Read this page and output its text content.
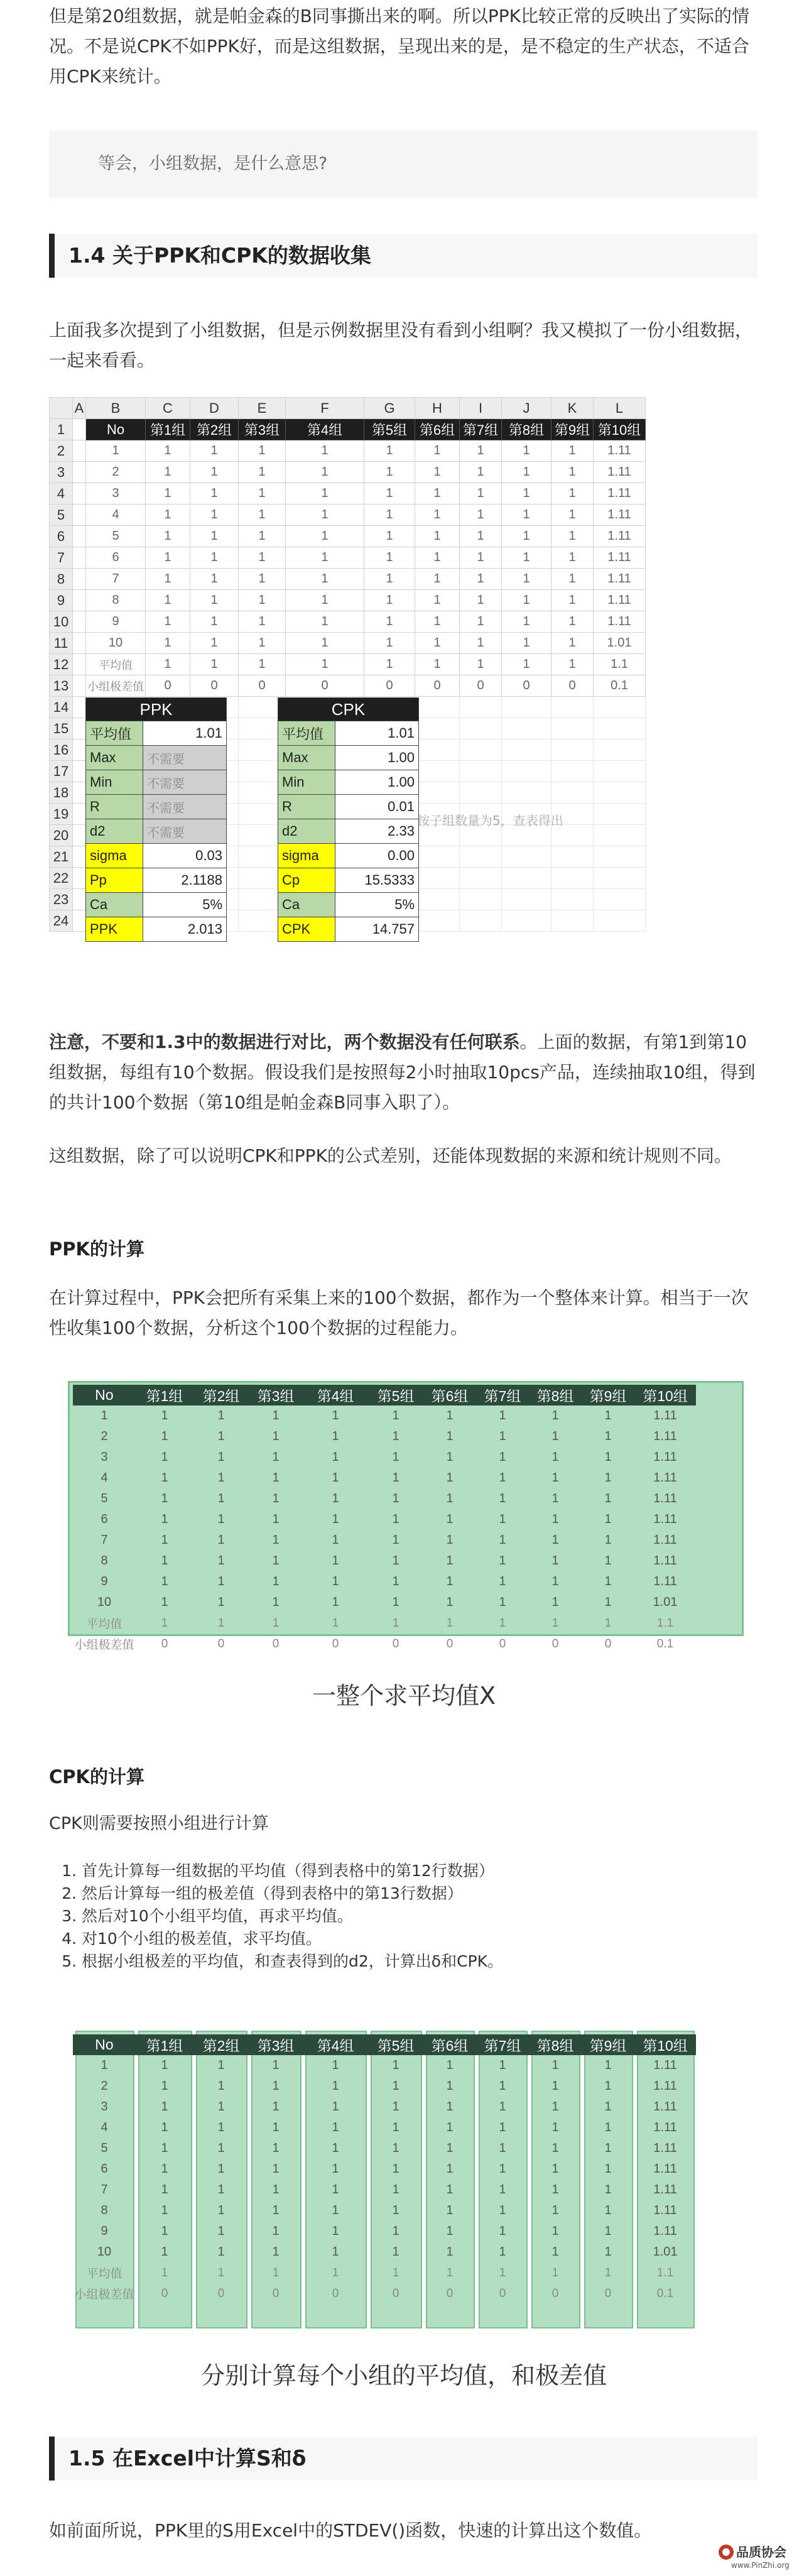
但是第20组数据，就是帕金森的B同事撕出来的啊。所以PPK比较正常的反映出了实际的情况。不是说CPK不如PPK好，而是这组数据，呈现出来的是，是不稳定的生产状态，不适合用CPK来统计。

等会，小组数据，是什么意思?
1.4 关于PPK和CPK的数据收集

上面我多次提到了小组数据，但是示例数据里没有看到小组啊？我又模拟了一份小组数据，一起来看看。

	A	B	C	D	E	F	G	H	I	J	K	L
1		No	第1组	第2组	第3组	第4组	第5组	第6组	第7组	第8组	第9组	第10组
2		1	1	1	1	1	1	1	1	1	1	1.11
3		2	1	1	1	1	1	1	1	1	1	1.11
4		3	1	1	1	1	1	1	1	1	1	1.11
5		4	1	1	1	1	1	1	1	1	1	1.11
6		5	1	1	1	1	1	1	1	1	1	1.11
7		6	1	1	1	1	1	1	1	1	1	1.11
8		7	1	1	1	1	1	1	1	1	1	1.11
9		8	1	1	1	1	1	1	1	1	1	1.11
10		9	1	1	1	1	1	1	1	1	1	1.11
11		10	1	1	1	1	1	1	1	1	1	1.01
12		平均值	1	1	1	1	1	1	1	1	1	1.1
13		小组极差值	0	0	0	0	0	0	0	0	0	0.1
14												
15												
16												
17												
18												
19												
20												
21												
22												
23												
24												
PPK	
平均值	1.01
Max	不需要
Min	不需要
R	不需要
d2	不需要
sigma	0.03
Pp	2.1188
Ca	5%
PPK	2.013
CPK	
平均值	1.01
Max	1.00
Min	1.00
R	0.01
d2	2.33
sigma	0.00
Cp	15.5333
Ca	5%
CPK	14.757
按子组数量为5，查表得出

注意，不要和1.3中的数据进行对比，两个数据没有任何联系。上面的数据，有第1到第10组数据，每组有10个数据。假设我们是按照每2小时抽取10pcs产品，连续抽取10组，得到的共计100个数据（第10组是帕金森B同事入职了）。

这组数据，除了可以说明CPK和PPK的公式差别，还能体现数据的来源和统计规则不同。

PPK的计算

在计算过程中，PPK会把所有采集上来的100个数据，都作为一个整体来计算。相当于一次性收集100个数据，分析这个100个数据的过程能力。

No	第1组	第2组	第3组	第4组	第5组	第6组	第7组	第8组	第9组	第10组
1	1	1	1	1	1	1	1	1	1	1.11
2	1	1	1	1	1	1	1	1	1	1.11
3	1	1	1	1	1	1	1	1	1	1.11
4	1	1	1	1	1	1	1	1	1	1.11
5	1	1	1	1	1	1	1	1	1	1.11
6	1	1	1	1	1	1	1	1	1	1.11
7	1	1	1	1	1	1	1	1	1	1.11
8	1	1	1	1	1	1	1	1	1	1.11
9	1	1	1	1	1	1	1	1	1	1.11
10	1	1	1	1	1	1	1	1	1	1.01
平均值	1	1	1	1	1	1	1	1	1	1.1
小组极差值	0	0	0	0	0	0	0	0	0	0.1
一整个求平均值X
CPK的计算
CPK则需要按照小组进行计算
1. 首先计算每一组数据的平均值（得到表格中的第12行数据）
2. 然后计算每一组的极差值（得到表格中的第13行数据）
3. 然后对10个小组平均值，再求平均值。
4. 对10个小组的极差值，求平均值。
5. 根据小组极差的平均值，和查表得到的d2，计算出δ和CPK。
No	第1组	第2组	第3组	第4组	第5组	第6组	第7组	第8组	第9组	第10组
1	1	1	1	1	1	1	1	1	1	1.11
2	1	1	1	1	1	1	1	1	1	1.11
3	1	1	1	1	1	1	1	1	1	1.11
4	1	1	1	1	1	1	1	1	1	1.11
5	1	1	1	1	1	1	1	1	1	1.11
6	1	1	1	1	1	1	1	1	1	1.11
7	1	1	1	1	1	1	1	1	1	1.11
8	1	1	1	1	1	1	1	1	1	1.11
9	1	1	1	1	1	1	1	1	1	1.11
10	1	1	1	1	1	1	1	1	1	1.01
平均值	1	1	1	1	1	1	1	1	1	1.1
小组极差值	0	0	0	0	0	0	0	0	0	0.1
分别计算每个小组的平均值，和极差值
1.5 在Excel中计算S和δ

如前面所说，PPK里的S用Excel中的STDEV()函数，快速的计算出这个数值。

品质协会
www.PinZhi.org
